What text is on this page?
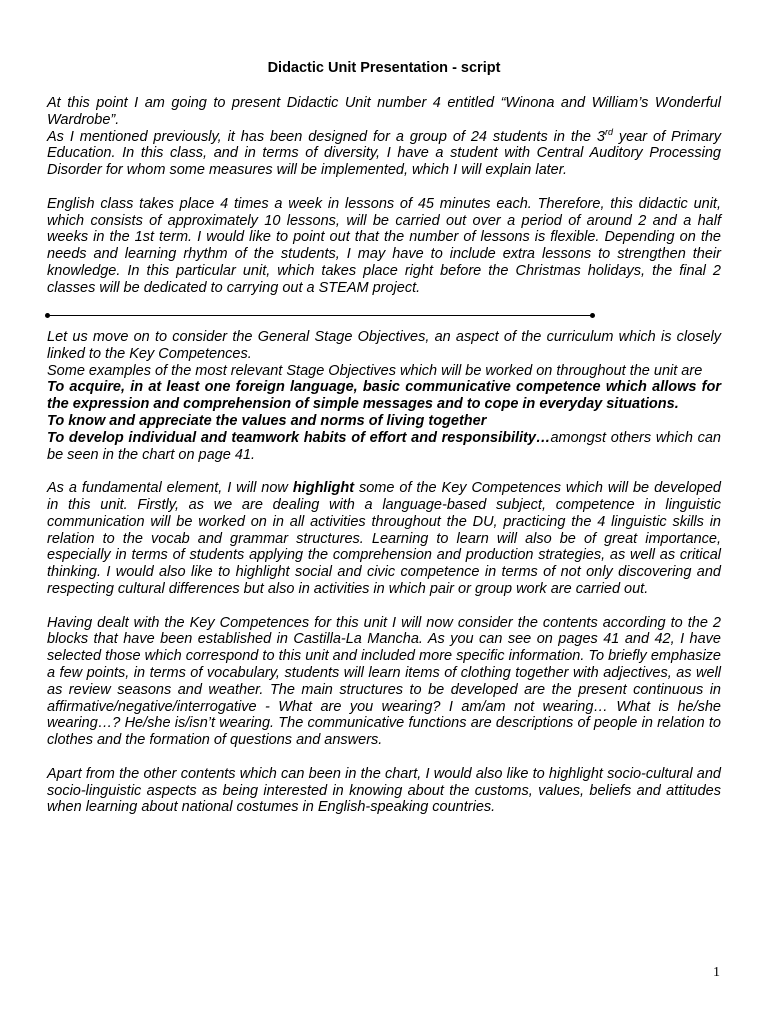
Didactic Unit Presentation - script

At this point I am going to present Didactic Unit number 4 entitled “Winona and William’s Wonderful Wardrobe”.

As I mentioned previously, it has been designed for a group of 24 students in the 3rd year of Primary Education. In this class, and in terms of diversity, I have a student with Central Auditory Processing Disorder for whom some measures will be implemented, which I will explain later.

English class takes place 4 times a week in lessons of 45 minutes each. Therefore, this didactic unit, which consists of approximately 10 lessons, will be carried out over a period of around 2 and a half weeks in the 1st term. I would like to point out that the number of lessons is flexible. Depending on the needs and learning rhythm of the students, I may have to include extra lessons to strengthen their knowledge. In this particular unit, which takes place right before the Christmas holidays, the final 2 classes will be dedicated to carrying out a STEAM project.

Let us move on to consider the General Stage Objectives, an aspect of the curriculum which is closely linked to the Key Competences.

Some examples of the most relevant Stage Objectives which will be worked on throughout the unit are

To acquire, in at least one foreign language, basic communicative competence which allows for the expression and comprehension of simple messages and to cope in everyday situations.

To know and appreciate the values and norms of living together

To develop individual and teamwork habits of effort and responsibility…amongst others which can be seen in the chart on page 41.

As a fundamental element, I will now highlight some of the Key Competences which will be developed in this unit. Firstly, as we are dealing with a language-based subject, competence in linguistic communication will be worked on in all activities throughout the DU, practicing the 4 linguistic skills in relation to the vocab and grammar structures. Learning to learn will also be of great importance, especially in terms of students applying the comprehension and production strategies, as well as critical thinking. I would also like to highlight social and civic competence in terms of not only discovering and respecting cultural differences but also in activities in which pair or group work are carried out.

Having dealt with the Key Competences for this unit I will now consider the contents according to the 2 blocks that have been established in Castilla-La Mancha. As you can see on pages 41 and 42, I have selected those which correspond to this unit and included more specific information. To briefly emphasize a few points, in terms of vocabulary, students will learn items of clothing together with adjectives, as well as review seasons and weather. The main structures to be developed are the present continuous in affirmative/negative/interrogative - What are you wearing? I am/am not wearing… What is he/she wearing…? He/she is/isn’t wearing. The communicative functions are descriptions of people in relation to clothes and the formation of questions and answers.

Apart from the other contents which can been in the chart, I would also like to highlight socio-cultural and socio-linguistic aspects as being interested in knowing about the customs, values, beliefs and attitudes when learning about national costumes in English-speaking countries.

1
